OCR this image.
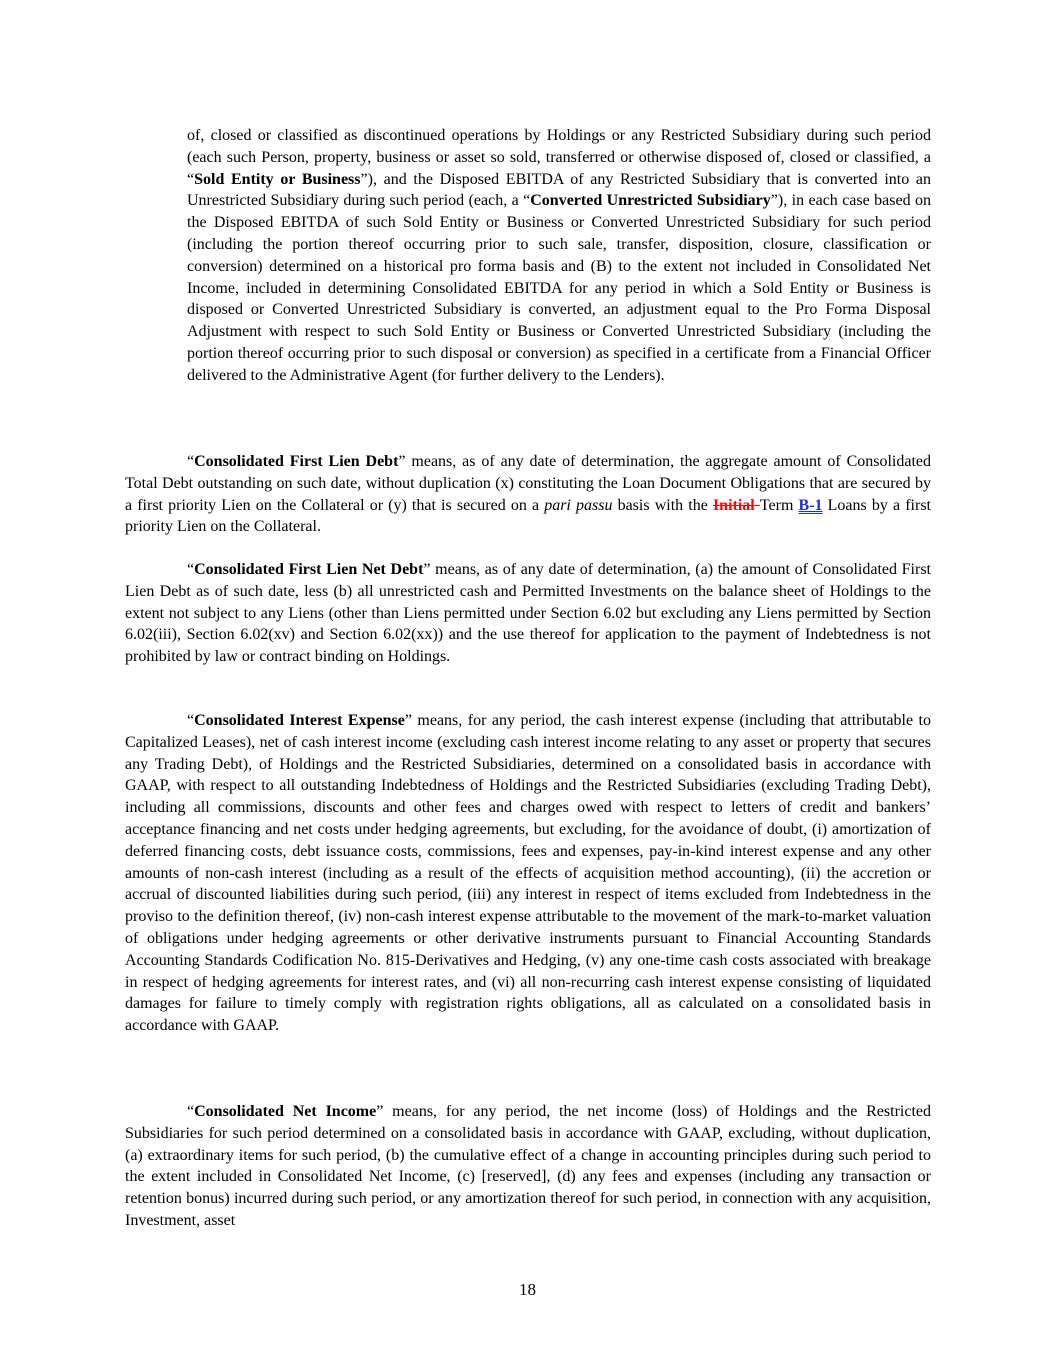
of, closed or classified as discontinued operations by Holdings or any Restricted Subsidiary during such period (each such Person, property, business or asset so sold, transferred or otherwise disposed of, closed or classified, a “Sold Entity or Business”), and the Disposed EBITDA of any Restricted Subsidiary that is converted into an Unrestricted Subsidiary during such period (each, a “Converted Unrestricted Subsidiary”), in each case based on the Disposed EBITDA of such Sold Entity or Business or Converted Unrestricted Subsidiary for such period (including the portion thereof occurring prior to such sale, transfer, disposition, closure, classification or conversion) determined on a historical pro forma basis and (B) to the extent not included in Consolidated Net Income, included in determining Consolidated EBITDA for any period in which a Sold Entity or Business is disposed or Converted Unrestricted Subsidiary is converted, an adjustment equal to the Pro Forma Disposal Adjustment with respect to such Sold Entity or Business or Converted Unrestricted Subsidiary (including the portion thereof occurring prior to such disposal or conversion) as specified in a certificate from a Financial Officer delivered to the Administrative Agent (for further delivery to the Lenders).

“Consolidated First Lien Debt” means, as of any date of determination, the aggregate amount of Consolidated Total Debt outstanding on such date, without duplication (x) constituting the Loan Document Obligations that are secured by a first priority Lien on the Collateral or (y) that is secured on a pari passu basis with the Initial Term B-1 Loans by a first priority Lien on the Collateral.

“Consolidated First Lien Net Debt” means, as of any date of determination, (a) the amount of Consolidated First Lien Debt as of such date, less (b) all unrestricted cash and Permitted Investments on the balance sheet of Holdings to the extent not subject to any Liens (other than Liens permitted under Section 6.02 but excluding any Liens permitted by Section 6.02(iii), Section 6.02(xv) and Section 6.02(xx)) and the use thereof for application to the payment of Indebtedness is not prohibited by law or contract binding on Holdings.

“Consolidated Interest Expense” means, for any period, the cash interest expense (including that attributable to Capitalized Leases), net of cash interest income (excluding cash interest income relating to any asset or property that secures any Trading Debt), of Holdings and the Restricted Subsidiaries, determined on a consolidated basis in accordance with GAAP, with respect to all outstanding Indebtedness of Holdings and the Restricted Subsidiaries (excluding Trading Debt), including all commissions, discounts and other fees and charges owed with respect to letters of credit and bankers’ acceptance financing and net costs under hedging agreements, but excluding, for the avoidance of doubt, (i) amortization of deferred financing costs, debt issuance costs, commissions, fees and expenses, pay-in-kind interest expense and any other amounts of non-cash interest (including as a result of the effects of acquisition method accounting), (ii) the accretion or accrual of discounted liabilities during such period, (iii) any interest in respect of items excluded from Indebtedness in the proviso to the definition thereof, (iv) non-cash interest expense attributable to the movement of the mark-to-market valuation of obligations under hedging agreements or other derivative instruments pursuant to Financial Accounting Standards Accounting Standards Codification No. 815-Derivatives and Hedging, (v) any one-time cash costs associated with breakage in respect of hedging agreements for interest rates, and (vi) all non-recurring cash interest expense consisting of liquidated damages for failure to timely comply with registration rights obligations, all as calculated on a consolidated basis in accordance with GAAP.

“Consolidated Net Income” means, for any period, the net income (loss) of Holdings and the Restricted Subsidiaries for such period determined on a consolidated basis in accordance with GAAP, excluding, without duplication, (a) extraordinary items for such period, (b) the cumulative effect of a change in accounting principles during such period to the extent included in Consolidated Net Income, (c) [reserved], (d) any fees and expenses (including any transaction or retention bonus) incurred during such period, or any amortization thereof for such period, in connection with any acquisition, Investment, asset

18
